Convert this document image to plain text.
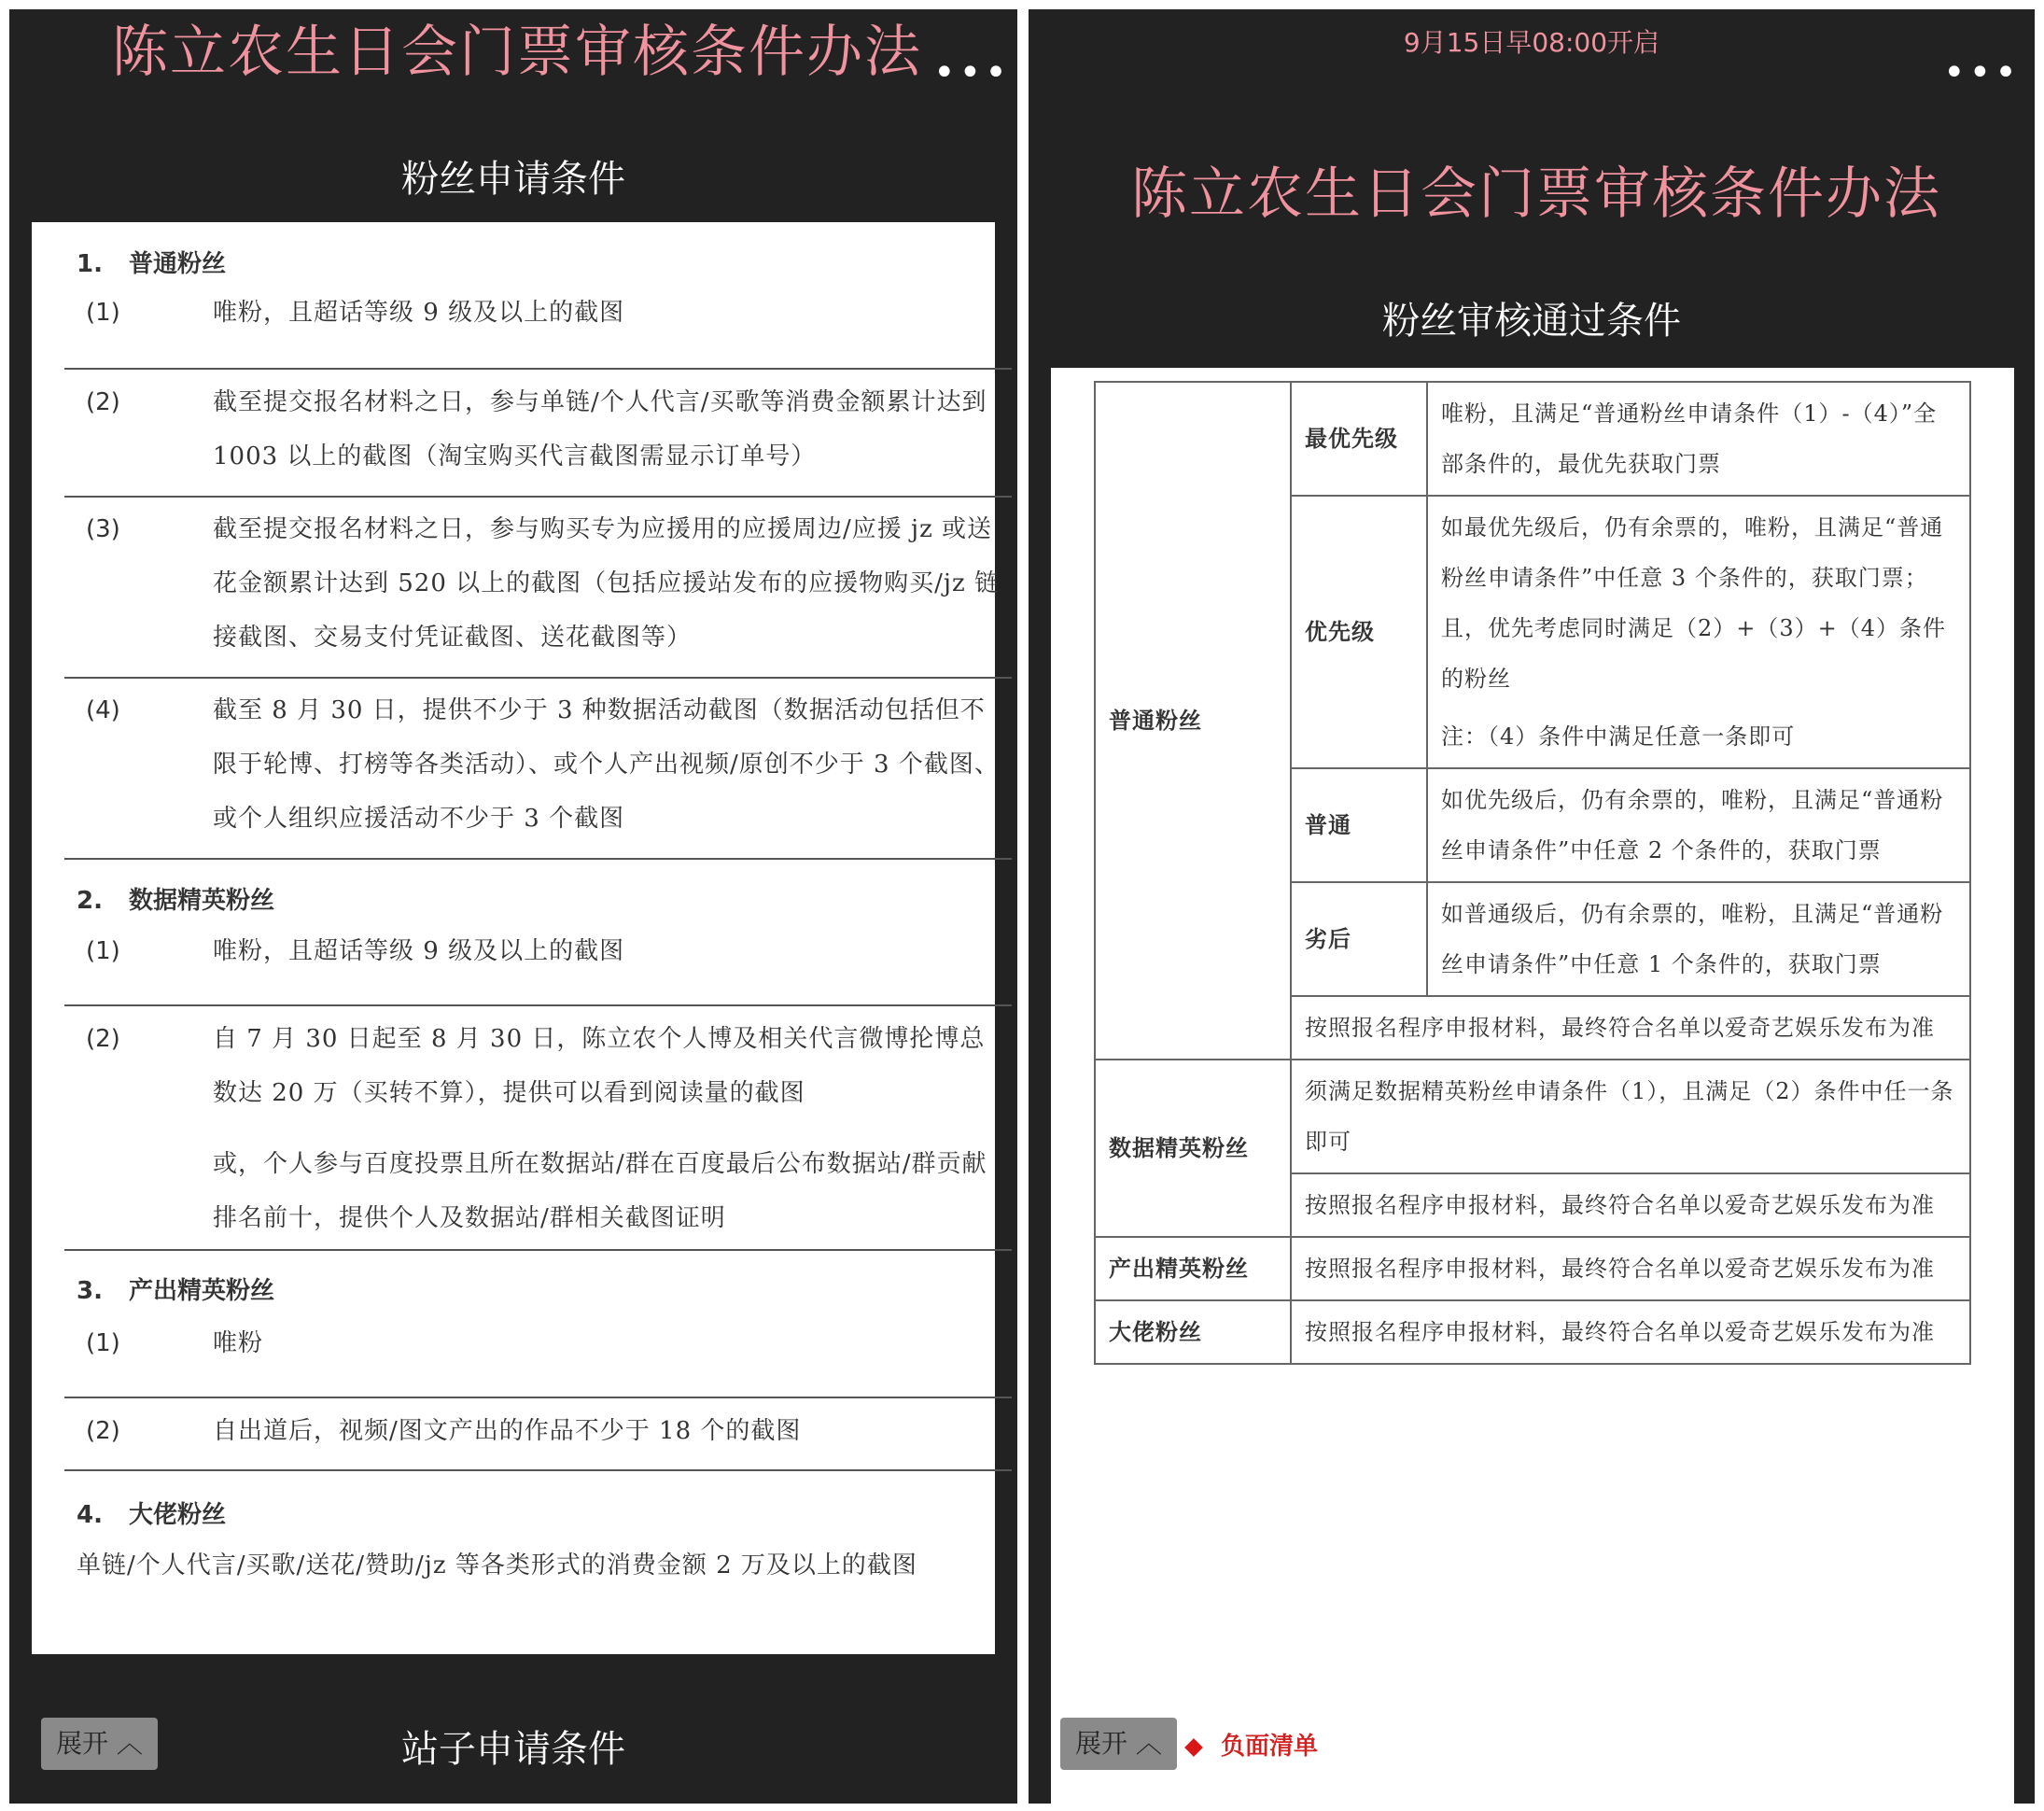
陈立农生日会门票审核条件办法 •••
粉丝申请条件
1. 普通粉丝
(1)	唯粉，且超话等级 9 级及以上的截图
(2)	截至提交报名材料之日，参与单链/个人代言/买歌等消费金额累计达到 1003 以上的截图（淘宝购买代言截图需显示订单号）
(3)	截至提交报名材料之日，参与购买专为应援用的应援周边/应援 jz 或送花金额累计达到 520 以上的截图（包括应援站发布的应援物购买/jz 链接截图、交易支付凭证截图、送花截图等）
(4)	截至 8 月 30 日，提供不少于 3 种数据活动截图（数据活动包括但不限于轮博、打榜等各类活动）、或个人产出视频/原创不少于 3 个截图、或个人组织应援活动不少于 3 个截图
2. 数据精英粉丝
(1)	唯粉，且超话等级 9 级及以上的截图
(2)	自 7 月 30 日起至 8 月 30 日，陈立农个人博及相关代言微博抡博总数达 20 万（买转不算），提供可以看到阅读量的截图
或，个人参与百度投票且所在数据站/群在百度最后公布数据站/群贡献排名前十，提供个人及数据站/群相关截图证明
3. 产出精英粉丝
(1)	唯粉
(2)	自出道后，视频/图文产出的作品不少于 18 个的截图
4. 大佬粉丝
单链/个人代言/买歌/送花/赞助/jz 等各类形式的消费金额 2 万及以上的截图
展开 ︿	站子申请条件
9月15日早08:00开启
•••
陈立农生日会门票审核条件办法
粉丝审核通过条件
普通粉丝	最优先级	唯粉，且满足“普通粉丝申请条件（1）-（4）”全部条件的，最优先获取门票
	优先级	如最优先级后，仍有余票的，唯粉，且满足“普通粉丝申请条件”中任意 3 个条件的，获取门票；且，优先考虑同时满足（2）+（3）+（4）条件的粉丝
注：（4）条件中满足任意一条即可

	普通	如优先级后，仍有余票的，唯粉，且满足“普通粉丝申请条件”中任意 2 个条件的，获取门票
	劣后	如普通级后，仍有余票的，唯粉，且满足“普通粉丝申请条件”中任意 1 个条件的，获取门票
	按照报名程序申报材料，最终符合名单以爱奇艺娱乐发布为准	
数据精英粉丝	须满足数据精英粉丝申请条件（1），且满足（2）条件中任一条即可	
	按照报名程序申报材料，最终符合名单以爱奇艺娱乐发布为准	
产出精英粉丝	按照报名程序申报材料，最终符合名单以爱奇艺娱乐发布为准	
大佬粉丝	按照报名程序申报材料，最终符合名单以爱奇艺娱乐发布为准	
展开 ︿	负面清单
